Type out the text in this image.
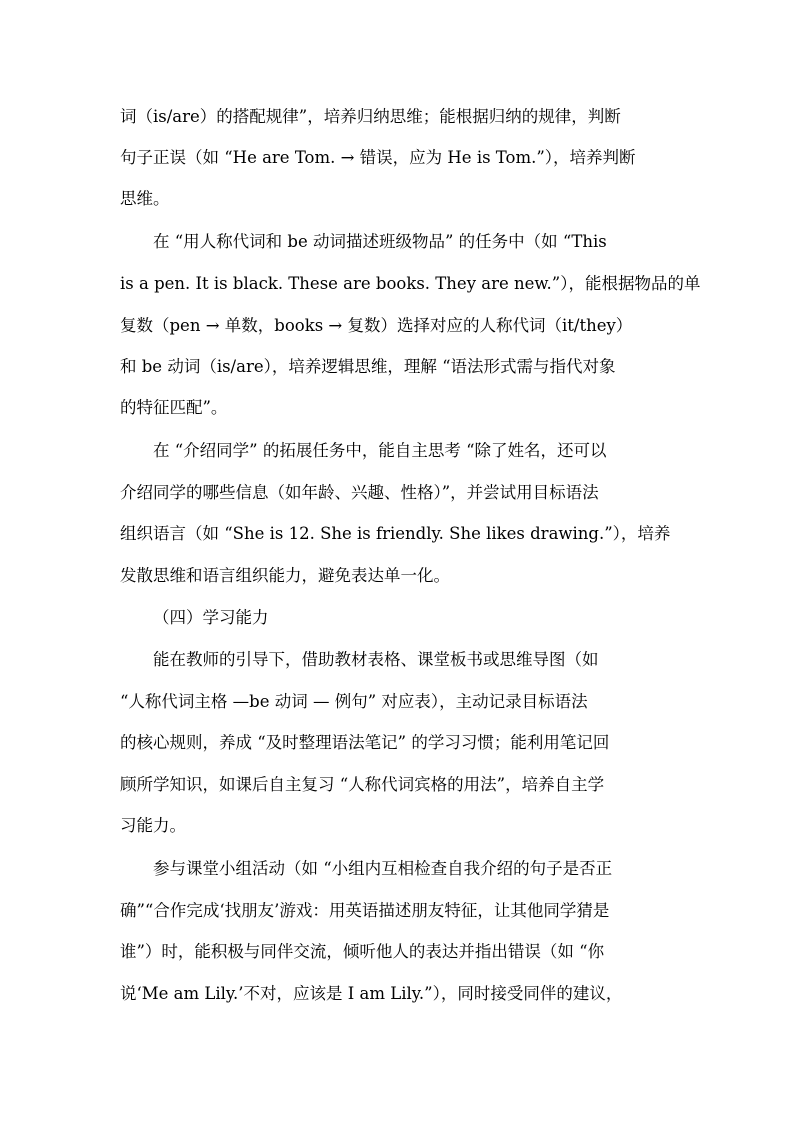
词（is/are）的搭配规律”，培养归纳思维；能根据归纳的规律，判断
句子正误（如 “He are Tom. → 错误，应为 He is Tom.”），培养判断
思维。
在 “用人称代词和 be 动词描述班级物品” 的任务中（如 “This
is a pen. It is black. These are books. They are new.”），能根据物品的单
复数（pen → 单数，books → 复数）选择对应的人称代词（it/they）
和 be 动词（is/are），培养逻辑思维，理解 “语法形式需与指代对象
的特征匹配”。
在 “介绍同学” 的拓展任务中，能自主思考 “除了姓名，还可以
介绍同学的哪些信息（如年龄、兴趣、性格）”，并尝试用目标语法
组织语言（如 “She is 12. She is friendly. She likes drawing.”），培养
发散思维和语言组织能力，避免表达单一化。
（四）学习能力
能在教师的引导下，借助教材表格、课堂板书或思维导图（如
“人称代词主格 —be 动词 — 例句” 对应表），主动记录目标语法
的核心规则，养成 “及时整理语法笔记” 的学习习惯；能利用笔记回
顾所学知识，如课后自主复习 “人称代词宾格的用法”，培养自主学
习能力。
参与课堂小组活动（如 “小组内互相检查自我介绍的句子是否正
确”“合作完成‘找朋友’游戏：用英语描述朋友特征，让其他同学猜是
谁”）时，能积极与同伴交流，倾听他人的表达并指出错误（如 “你
说‘Me am Lily.’不对，应该是 I am Lily.”），同时接受同伴的建议，
